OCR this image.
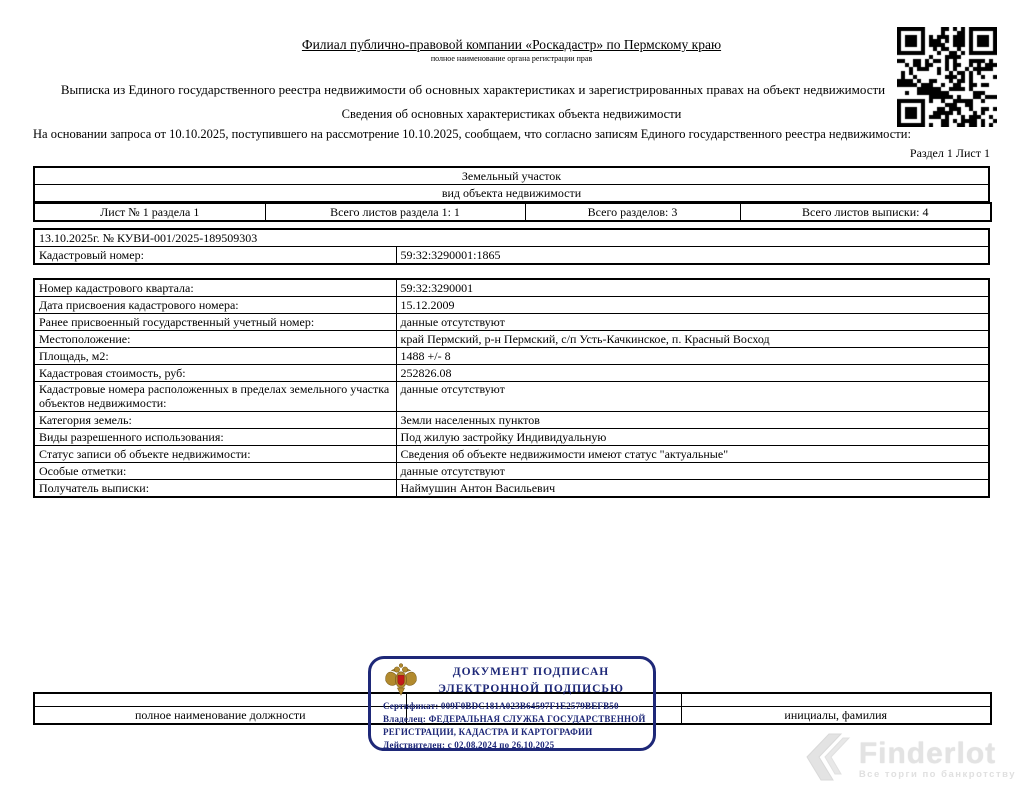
Филиал публично-правовой компании «Роскадастр» по Пермскому краю
полное наименование органа регистрации прав
Выписка из Единого государственного реестра недвижимости об основных характеристиках и зарегистрированных правах на объект недвижимости
Сведения об основных характеристиках объекта недвижимости
На основании запроса от 10.10.2025, поступившего на рассмотрение 10.10.2025, сообщаем, что согласно записям Единого государственного реестра недвижимости:
Раздел 1 Лист 1
Земельный участок
вид объекта недвижимости
Лист № 1 раздела 1	Всего листов раздела 1: 1	Всего разделов: 3	Всего листов выписки: 4
13.10.2025г. № КУВИ-001/2025-189509303
Кадастровый номер:	59:32:3290001:1865
Номер кадастрового квартала:	59:32:3290001
Дата присвоения кадастрового номера:	15.12.2009
Ранее присвоенный государственный учетный номер:	данные отсутствуют
Местоположение:	край Пермский, р-н Пермский, с/п Усть-Качкинское, п. Красный Восход
Площадь, м2:	1488 +/- 8
Кадастровая стоимость, руб:	252826.08
Кадастровые номера расположенных в пределах земельного участка объектов недвижимости:	данные отсутствуют
Категория земель:	Земли населенных пунктов
Виды разрешенного использования:	Под жилую застройку Индивидуальную
Статус записи об объекте недвижимости:	Сведения об объекте недвижимости имеют статус "актуальные"
Особые отметки:	данные отсутствуют
Получатель выписки:	Наймушин Антон Васильевич

полное наименование должности		инициалы, фамилия
ДОКУМЕНТ ПОДПИСАН
ЭЛЕКТРОННОЙ ПОДПИСЬЮ
Сертификат: 009F0BDC181A023B64597F1E2579BEFB50
Владелец: ФЕДЕРАЛЬНАЯ СЛУЖБА ГОСУДАРСТВЕННОЙ
РЕГИСТРАЦИИ, КАДАСТРА И КАРТОГРАФИИ
Действителен: с 02.08.2024 по 26.10.2025	Finderlot
Все торги по банкротству
